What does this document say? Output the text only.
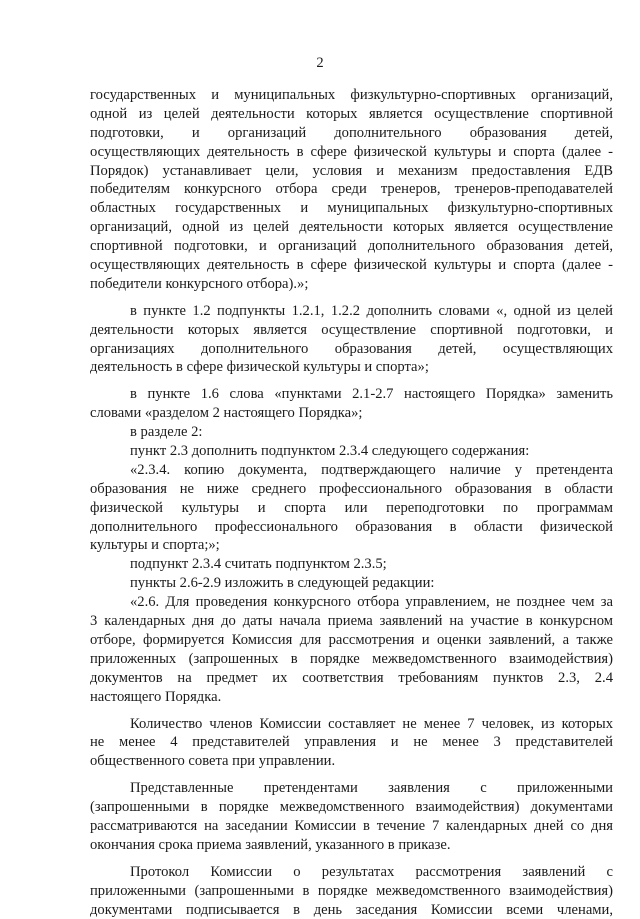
2
государственных и муниципальных физкультурно-спортивных организаций,
одной из целей деятельности которых является осуществление спортивной
подготовки, и организаций дополнительного образования детей,
осуществляющих деятельность в сфере физической культуры и спорта (далее -
Порядок) устанавливает цели, условия и механизм предоставления ЕДВ
победителям конкурсного отбора среди тренеров, тренеров-преподавателей
областных государственных и муниципальных физкультурно-спортивных
организаций, одной из целей деятельности которых является осуществление
спортивной подготовки, и организаций дополнительного образования детей,
осуществляющих деятельность в сфере физической культуры и спорта (далее -
победители конкурсного отбора).»;
в пункте 1.2 подпункты 1.2.1, 1.2.2 дополнить словами «, одной из целей
деятельности которых является осуществление спортивной подготовки, и
организациях дополнительного образования детей, осуществляющих
деятельность в сфере физической культуры и спорта»;
в пункте 1.6 слова «пунктами 2.1-2.7 настоящего Порядка» заменить
словами «разделом 2 настоящего Порядка»;
в разделе 2:
пункт 2.3 дополнить подпунктом 2.3.4 следующего содержания:
«2.3.4. копию документа, подтверждающего наличие у претендента
образования не ниже среднего профессионального образования в области
физической культуры и спорта или переподготовки по программам
дополнительного профессионального образования в области физической
культуры и спорта;»;
подпункт 2.3.4 считать подпунктом 2.3.5;
пункты 2.6-2.9 изложить в следующей редакции:
«2.6. Для проведения конкурсного отбора управлением, не позднее чем за
3 календарных дня до даты начала приема заявлений на участие в конкурсном
отборе, формируется Комиссия для рассмотрения и оценки заявлений, а также
приложенных (запрошенных в порядке межведомственного взаимодействия)
документов на предмет их соответствия требованиям пунктов 2.3, 2.4
настоящего Порядка.
Количество членов Комиссии составляет не менее 7 человек, из которых
не менее 4 представителей управления и не менее 3 представителей
общественного совета при управлении.
Представленные претендентами заявления с приложенными
(запрошенными в порядке межведомственного взаимодействия) документами
рассматриваются на заседании Комиссии в течение 7 календарных дней со дня
окончания срока приема заявлений, указанного в приказе.
Протокол Комиссии о результатах рассмотрения заявлений с
приложенными (запрошенными в порядке межведомственного взаимодействия)
документами подписывается в день заседания Комиссии всеми членами,
